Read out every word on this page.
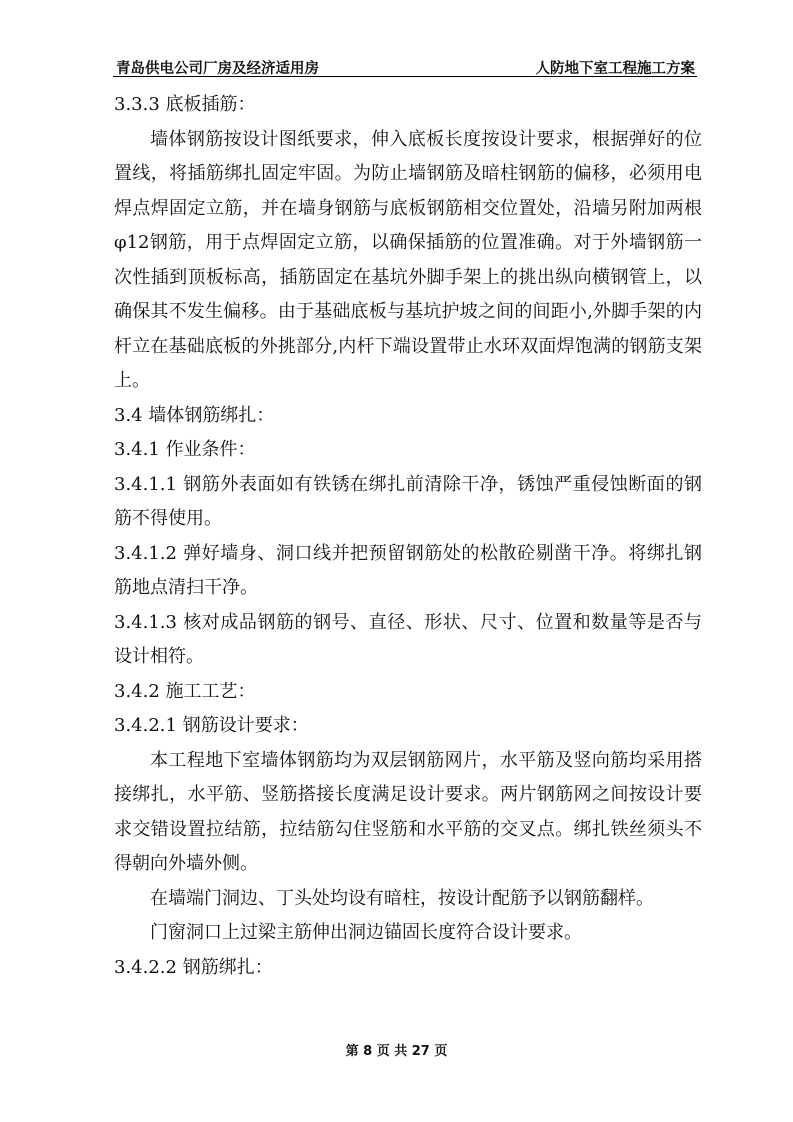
青岛供电公司厂房及经济适用房	人防地下室工程施工方案

3.3.3 底板插筋：

墙体钢筋按设计图纸要求，伸入底板长度按设计要求，根据弹好的位置线，将插筋绑扎固定牢固。为防止墙钢筋及暗柱钢筋的偏移，必须用电焊点焊固定立筋，并在墙身钢筋与底板钢筋相交位置处，沿墙另附加两根φ12钢筋，用于点焊固定立筋，以确保插筋的位置准确。对于外墙钢筋一次性插到顶板标高，插筋固定在基坑外脚手架上的挑出纵向横钢管上，以确保其不发生偏移。由于基础底板与基坑护坡之间的间距小,外脚手架的内杆立在基础底板的外挑部分,内杆下端设置带止水环双面焊饱满的钢筋支架上。

3.4 墙体钢筋绑扎：

3.4.1 作业条件：

3.4.1.1 钢筋外表面如有铁锈在绑扎前清除干净，锈蚀严重侵蚀断面的钢筋不得使用。

3.4.1.2 弹好墙身、洞口线并把预留钢筋处的松散砼剔凿干净。将绑扎钢筋地点清扫干净。

3.4.1.3 核对成品钢筋的钢号、直径、形状、尺寸、位置和数量等是否与设计相符。

3.4.2 施工工艺：

3.4.2.1 钢筋设计要求：

本工程地下室墙体钢筋均为双层钢筋网片，水平筋及竖向筋均采用搭接绑扎，水平筋、竖筋搭接长度满足设计要求。两片钢筋网之间按设计要求交错设置拉结筋，拉结筋勾住竖筋和水平筋的交叉点。绑扎铁丝须头不得朝向外墙外侧。

在墙端门洞边、丁头处均设有暗柱，按设计配筋予以钢筋翻样。

门窗洞口上过梁主筋伸出洞边锚固长度符合设计要求。

3.4.2.2 钢筋绑扎：

第 8 页 共 27 页
